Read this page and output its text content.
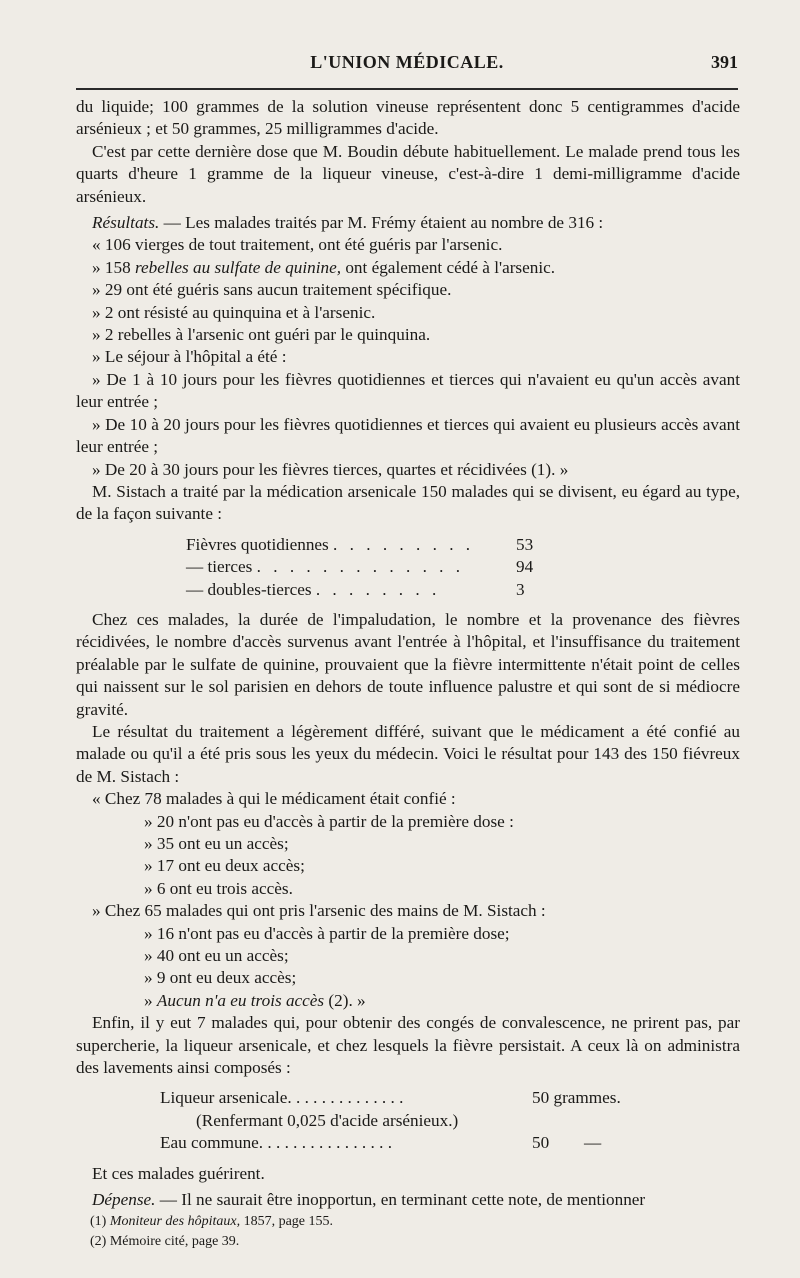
L'UNION MÉDICALE.	391

du liquide; 100 grammes de la solution vineuse représentent donc 5 centigrammes d'acide arsénieux ; et 50 grammes, 25 milligrammes d'acide.

C'est par cette dernière dose que M. Boudin débute habituellement. Le malade prend tous les quarts d'heure 1 gramme de la liqueur vineuse, c'est-à-dire 1 demi-milligramme d'acide arsénieux.

Résultats. — Les malades traités par M. Frémy étaient au nombre de 316 :

« 106 vierges de tout traitement, ont été guéris par l'arsenic.

» 158 rebelles au sulfate de quinine, ont également cédé à l'arsenic.

» 29 ont été guéris sans aucun traitement spécifique.

» 2 ont résisté au quinquina et à l'arsenic.

» 2 rebelles à l'arsenic ont guéri par le quinquina.

» Le séjour à l'hôpital a été :

» De 1 à 10 jours pour les fièvres quotidiennes et tierces qui n'avaient eu qu'un accès avant leur entrée ;

» De 10 à 20 jours pour les fièvres quotidiennes et tierces qui avaient eu plusieurs accès avant leur entrée ;

» De 20 à 30 jours pour les fièvres tierces, quartes et récidivées (1). »

M. Sistach a traité par la médication arsenicale 150 malades qui se divisent, eu égard au type, de la façon suivante :

Fièvres quotidiennes . . . . . . . . . 53
— tierces . . . . . . . . . . . . .	94
— doubles-tierces . . . . . . . .	3

Chez ces malades, la durée de l'impaludation, le nombre et la provenance des fièvres récidivées, le nombre d'accès survenus avant l'entrée à l'hôpital, et l'insuffisance du traitement préalable par le sulfate de quinine, prouvaient que la fièvre intermittente n'était point de celles qui naissent sur le sol parisien en dehors de toute influence palustre et qui sont de si médiocre gravité.

Le résultat du traitement a légèrement différé, suivant que le médicament a été confié au malade ou qu'il a été pris sous les yeux du médecin. Voici le résultat pour 143 des 150 fiévreux de M. Sistach :

« Chez 78 malades à qui le médicament était confié :

» 20 n'ont pas eu d'accès à partir de la première dose :

» 35 ont eu un accès;

» 17 ont eu deux accès;

» 6 ont eu trois accès.

» Chez 65 malades qui ont pris l'arsenic des mains de M. Sistach :

» 16 n'ont pas eu d'accès à partir de la première dose;

» 40 ont eu un accès;

» 9 ont eu deux accès;

» Aucun n'a eu trois accès (2). »

Enfin, il y eut 7 malades qui, pour obtenir des congés de convalescence, ne prirent pas, par supercherie, la liqueur arsenicale, et chez lesquels la fièvre persistait. A ceux là on administra des lavements ainsi composés :

Liqueur arsenicale. . . . . . . . . . . . . .	50 grammes.
(Renfermant 0,025 d'acide arsénieux.)
Eau commune. . . . . . . . . . . . . . . .	50 —

Et ces malades guérirent.

Dépense. — Il ne saurait être inopportun, en terminant cette note, de mentionner

(1) Moniteur des hôpitaux, 1857, page 155.
(2) Mémoire cité, page 39.
